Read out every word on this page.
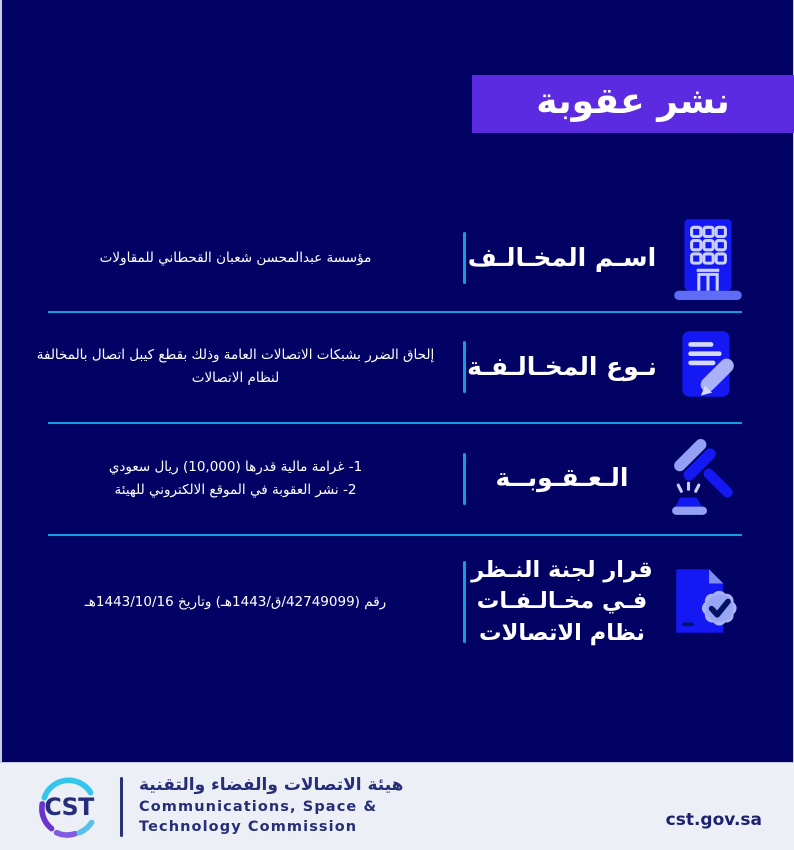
نشر عقوبة
اسـم المخـالـف
مؤسسة عبدالمحسن شعبان القحطاني للمقاولات
نـوع المخـالـفـة
إلحاق الضرر بشبكات الاتصالات العامة وذلك بقطع كيبل اتصال بالمخالفة
لنظام الاتصالات
الـعـقـوبــة
1- غرامة مالية قدرها (10,000) ريال سعودي
2- نشر العقوبة في الموقع الالكتروني للهيئة
قرار لجنة النـظر
فـي مخـالـفـات
نظام الاتصالات
رقم (42749099/ق/1443هـ) وتاريخ 1443/10/16هـ
CST
هيئة الاتصالات والفضاء والتقنية
Communications, Space &
Technology Commission	cst.gov.sa
